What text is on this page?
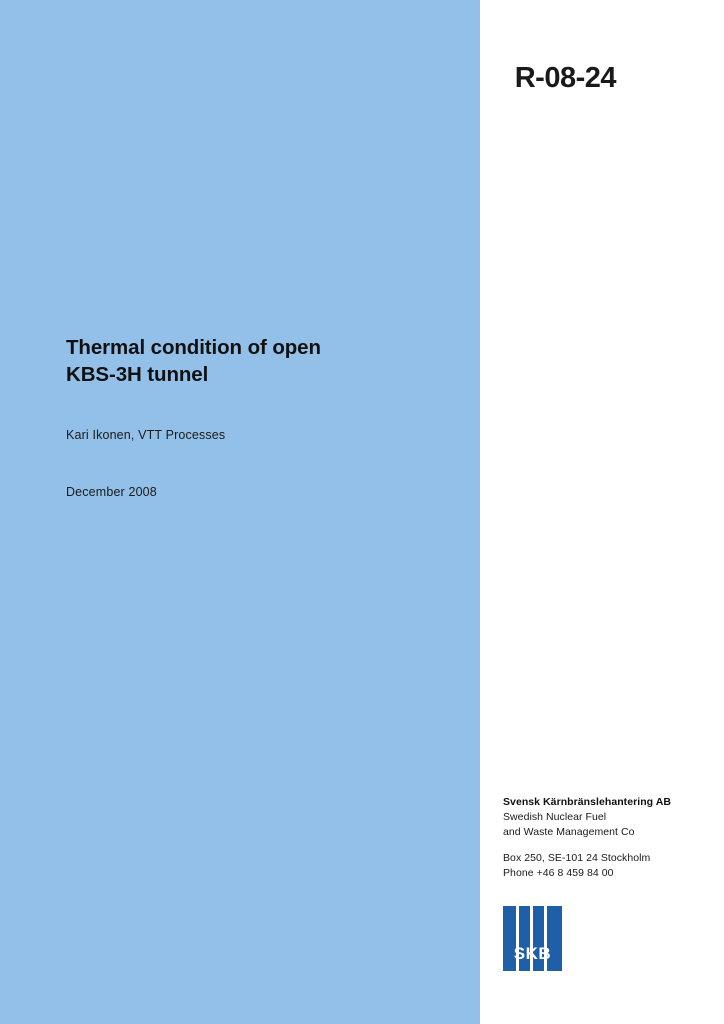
R-08-24
Thermal condition of open
KBS-3H tunnel
Kari Ikonen, VTT Processes
December 2008
Svensk Kärnbränslehantering AB
Swedish Nuclear Fuel
and Waste Management Co
Box 250, SE-101 24 Stockholm
Phone +46 8 459 84 00
SKB
